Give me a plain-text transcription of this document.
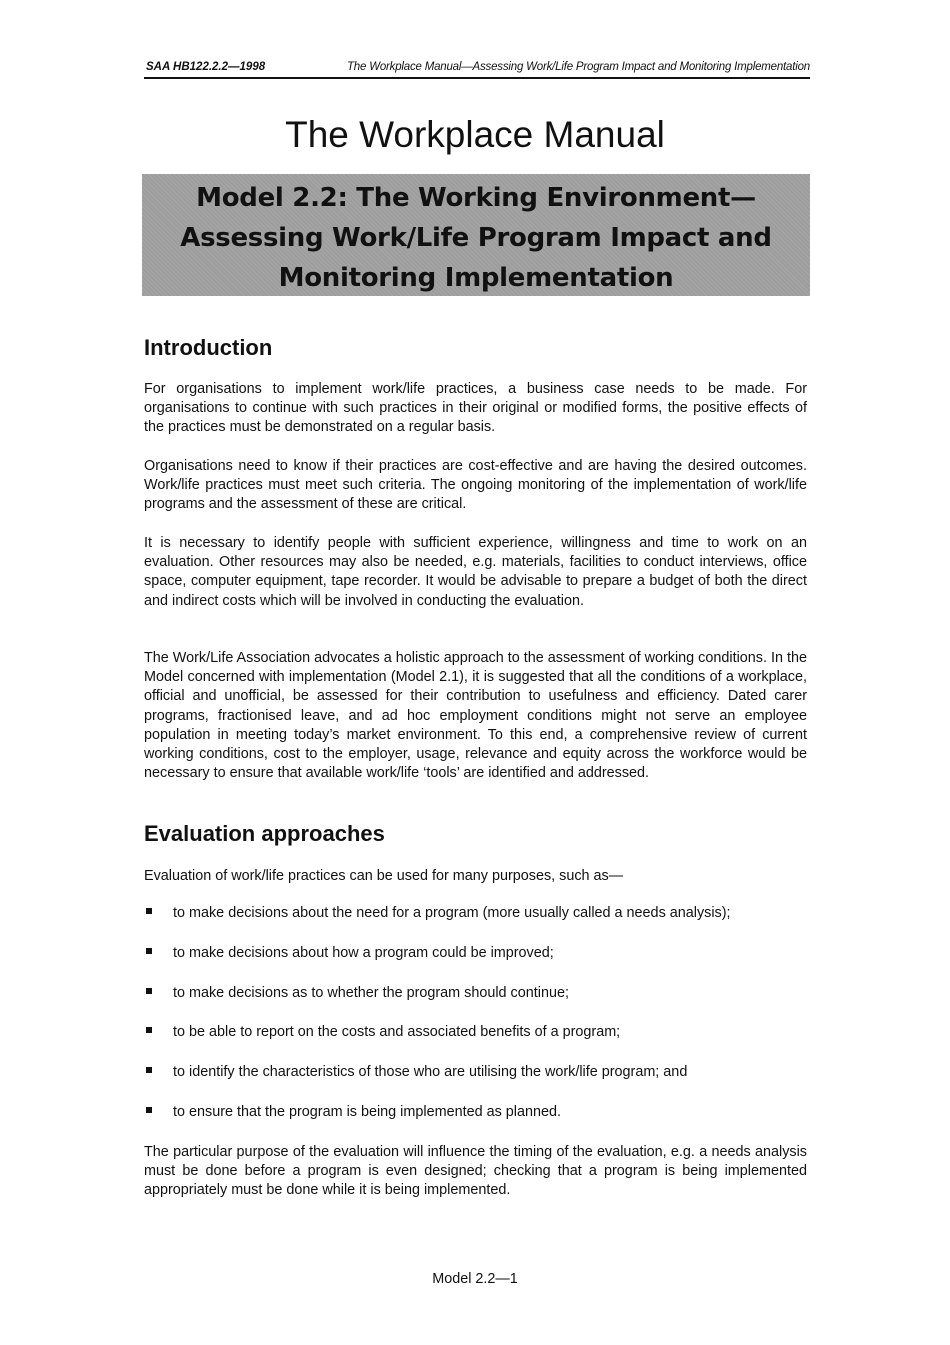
SAA HB122.2.2—1998	The Workplace Manual—Assessing Work/Life Program Impact and Monitoring Implementation
The Workplace Manual
Model 2.2: The Working Environment—
Assessing Work/Life Program Impact and
Monitoring Implementation
Introduction

For organisations to implement work/life practices, a business case needs to be made. For organisations to continue with such practices in their original or modified forms, the positive effects of the practices must be demonstrated on a regular basis.

Organisations need to know if their practices are cost-effective and are having the desired outcomes. Work/life practices must meet such criteria. The ongoing monitoring of the implementation of work/life programs and the assessment of these are critical.

It is necessary to identify people with sufficient experience, willingness and time to work on an evaluation. Other resources may also be needed, e.g. materials, facilities to conduct interviews, office space, computer equipment, tape recorder. It would be advisable to prepare a budget of both the direct and indirect costs which will be involved in conducting the evaluation.

The Work/Life Association advocates a holistic approach to the assessment of working conditions. In the Model concerned with implementation (Model 2.1), it is suggested that all the conditions of a workplace, official and unofficial, be assessed for their contribution to usefulness and efficiency. Dated carer programs, fractionised leave, and ad hoc employment conditions might not serve an employee population in meeting today’s market environment. To this end, a comprehensive review of current working conditions, cost to the employer, usage, relevance and equity across the workforce would be necessary to ensure that available work/life ‘tools’ are identified and addressed.

Evaluation approaches

Evaluation of work/life practices can be used for many purposes, such as—

to make decisions about the need for a program (more usually called a needs analysis);
to make decisions about how a program could be improved;
to make decisions as to whether the program should continue;
to be able to report on the costs and associated benefits of a program;
to identify the characteristics of those who are utilising the work/life program; and
to ensure that the program is being implemented as planned.

The particular purpose of the evaluation will influence the timing of the evaluation, e.g. a needs analysis must be done before a program is even designed; checking that a program is being implemented appropriately must be done while it is being implemented.

Model 2.2—1
